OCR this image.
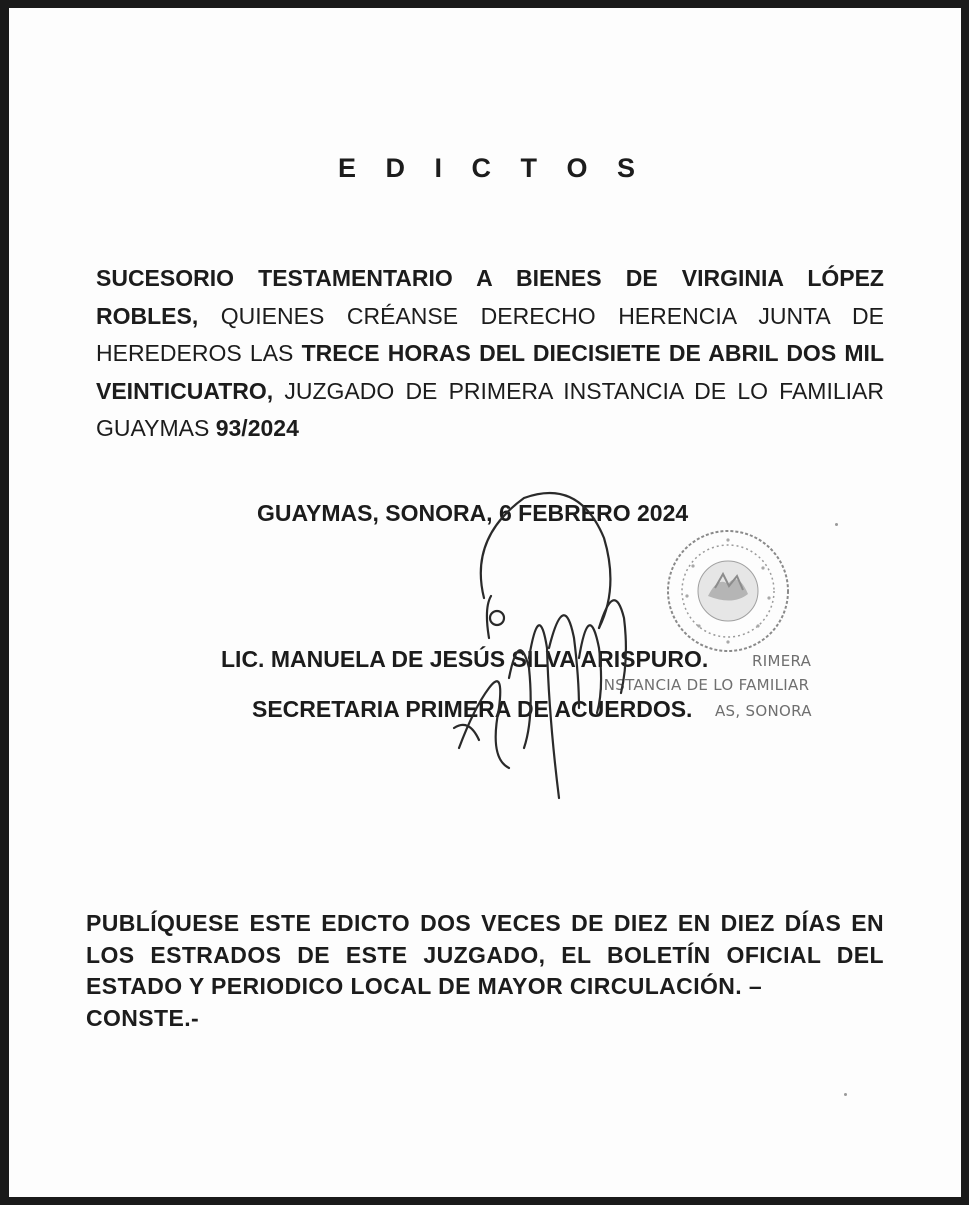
E D I C T O S

SUCESORIO TESTAMENTARIO A BIENES DE VIRGINIA LÓPEZ ROBLES, QUIENES CRÉANSE DERECHO HERENCIA JUNTA DE HEREDEROS LAS TRECE HORAS DEL DIECISIETE DE ABRIL DOS MIL VEINTICUATRO, JUZGADO DE PRIMERA INSTANCIA DE LO FAMILIAR GUAYMAS 93/2024

GUAYMAS, SONORA, 6 FEBRERO 2024
LIC. MANUELA DE JESÚS SILVA ARISPURO.
SECRETARIA PRIMERA DE ACUERDOS.
RIMERA
INSTANCIA DE LO FAMILIAR
AS, SONORA

PUBLÍQUESE ESTE EDICTO DOS VECES DE DIEZ EN DIEZ DÍAS EN LOS ESTRADOS DE ESTE JUZGADO, EL BOLETÍN OFICIAL DEL ESTADO Y PERIODICO LOCAL DE MAYOR CIRCULACIÓN. –
CONSTE.-
